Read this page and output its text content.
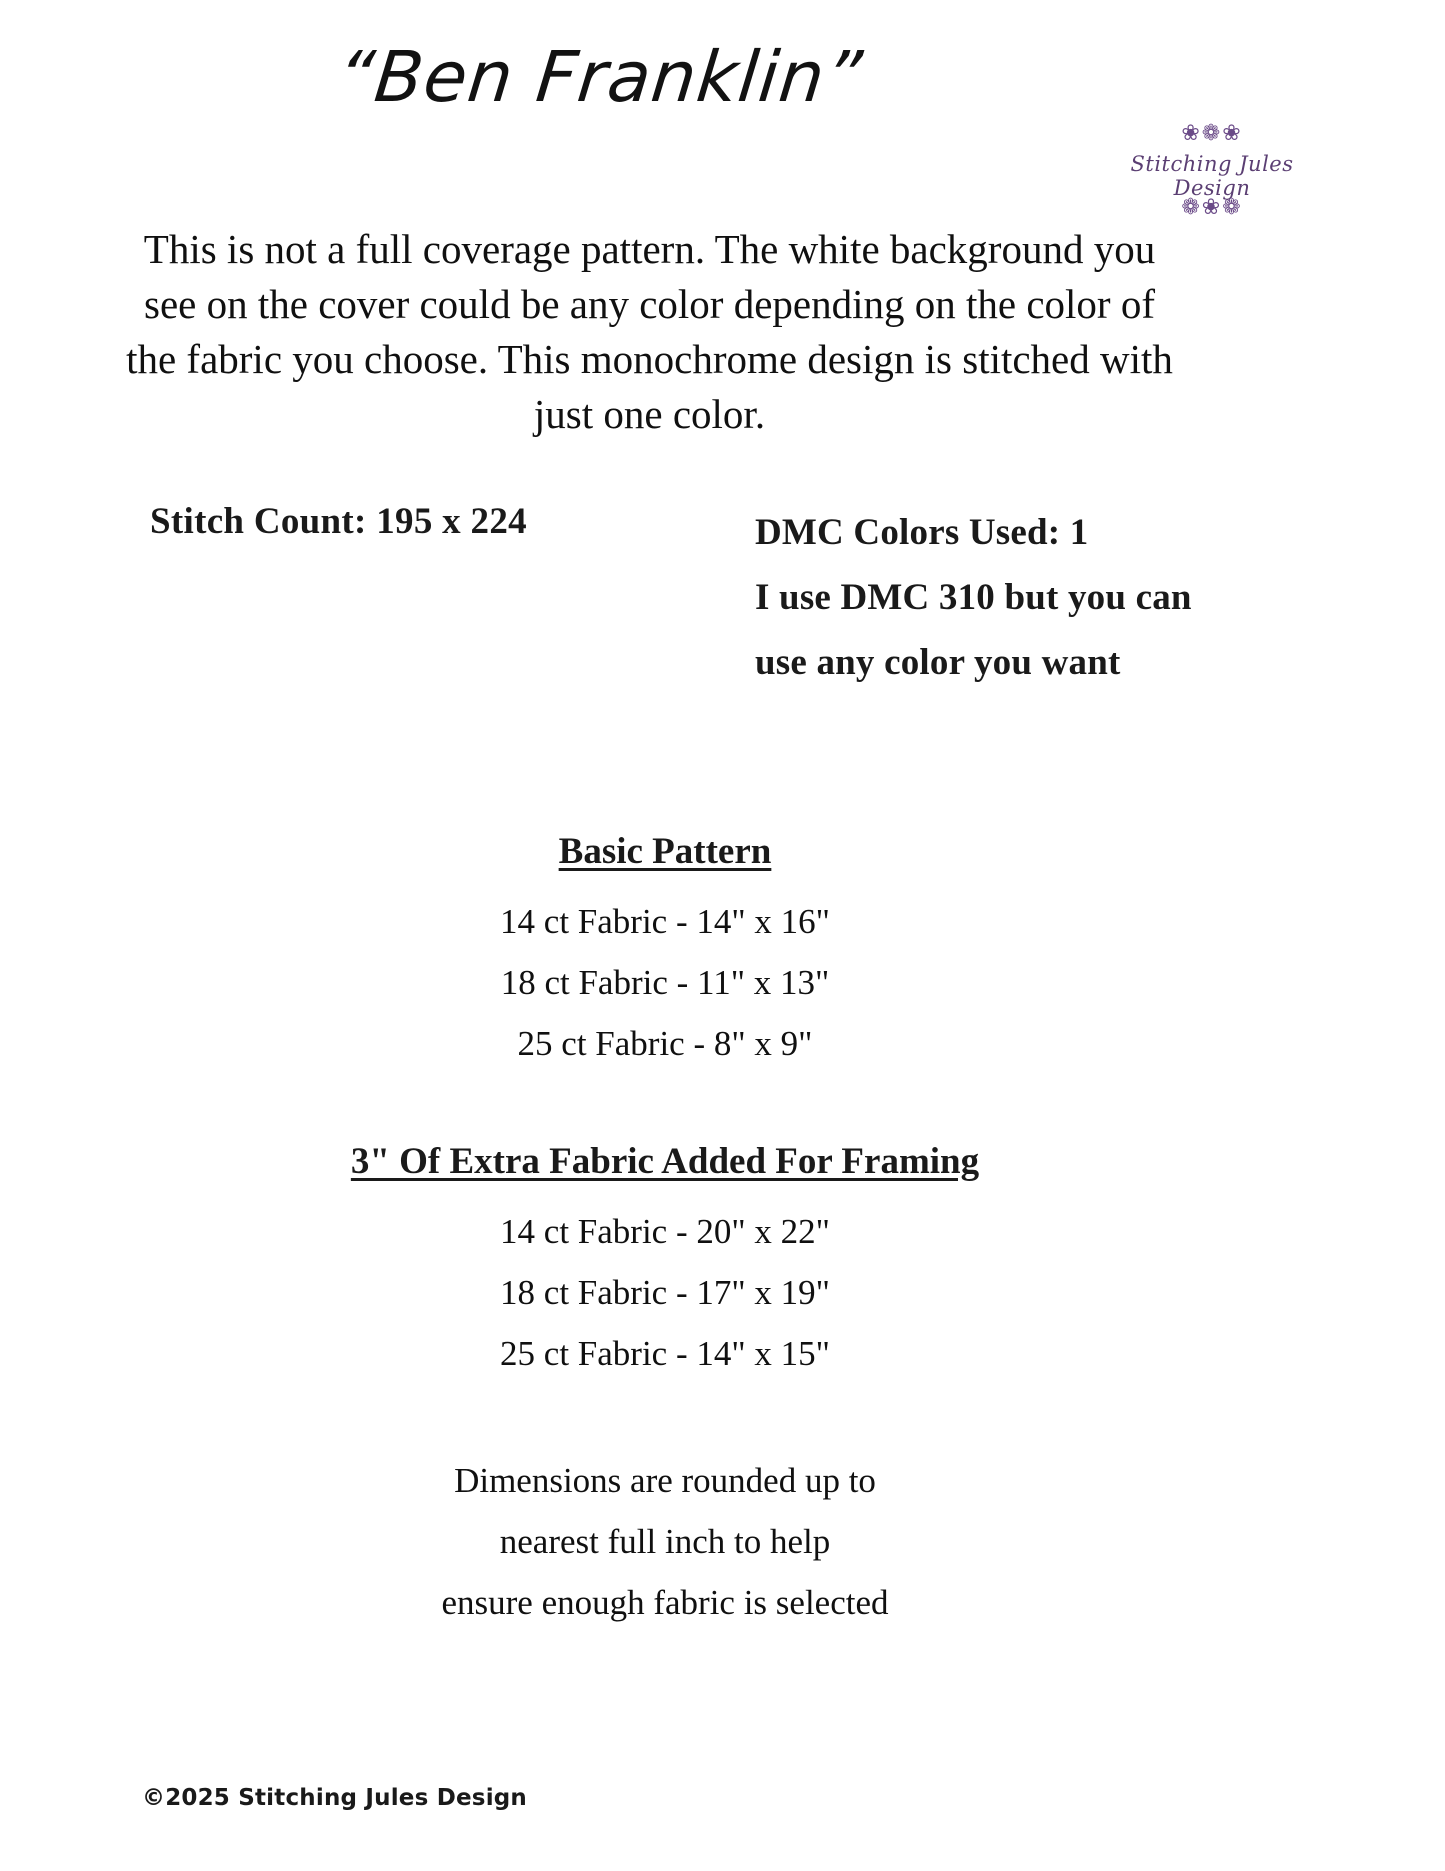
“Ben Franklin”
❀❁❀
Stitching Jules Design
❁❀❁
This is not a full coverage pattern. The white background you see on the cover could be any color depending on the color of the fabric you choose. This monochrome design is stitched with just one color.
Stitch Count: 195 x 224	DMC Colors Used: 1
I use DMC 310 but you can
use any color you want
Basic Pattern
14 ct Fabric - 14" x 16"
18 ct Fabric - 11" x 13"
25 ct Fabric - 8" x 9"
3" Of Extra Fabric Added For Framing
14 ct Fabric - 20" x 22"
18 ct Fabric - 17" x 19"
25 ct Fabric - 14" x 15"
Dimensions are rounded up to
nearest full inch to help
ensure enough fabric is selected
©2025 Stitching Jules Design
